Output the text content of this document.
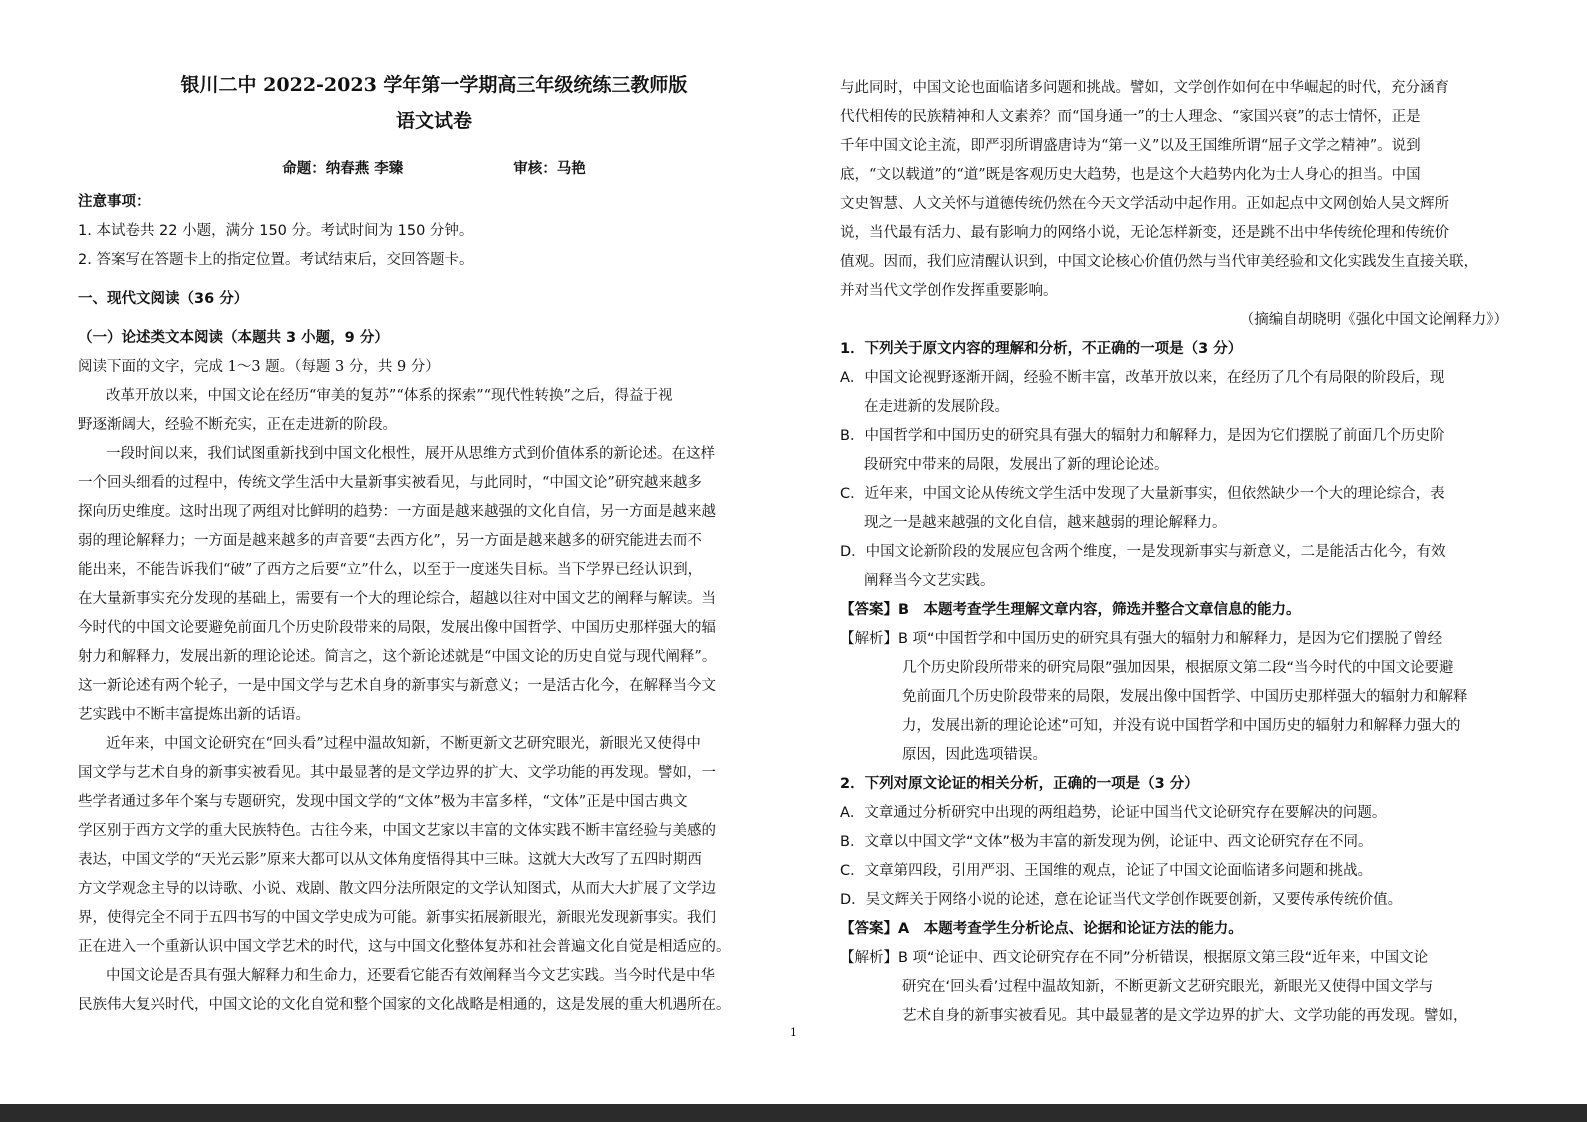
银川二中 2022-2023 学年第一学期高三年级统练三教师版

语文试卷

命题：纳春燕 李臻	审核：马艳
注意事项：
1. 本试卷共 22 小题，满分 150 分。考试时间为 150 分钟。
2. 答案写在答题卡上的指定位置。考试结束后，交回答题卡。
一、现代文阅读（36 分）
（一）论述类文本阅读（本题共 3 小题，9 分）
阅读下面的文字，完成 1～3 题。（每题 3 分，共 9 分）
改革开放以来，中国文论在经历“审美的复苏”“体系的探索”“现代性转换”之后，得益于视
野逐渐阔大，经验不断充实，正在走进新的阶段。
一段时间以来，我们试图重新找到中国文化根性，展开从思维方式到价值体系的新论述。在这样
一个回头细看的过程中，传统文学生活中大量新事实被看见，与此同时，“中国文论”研究越来越多
探向历史维度。这时出现了两组对比鲜明的趋势：一方面是越来越强的文化自信，另一方面是越来越
弱的理论解释力；一方面是越来越多的声音要“去西方化”，另一方面是越来越多的研究能进去而不
能出来，不能告诉我们“破”了西方之后要“立”什么，以至于一度迷失目标。当下学界已经认识到，
在大量新事实充分发现的基础上，需要有一个大的理论综合，超越以往对中国文艺的阐释与解读。当
今时代的中国文论要避免前面几个历史阶段带来的局限，发展出像中国哲学、中国历史那样强大的辐
射力和解释力，发展出新的理论论述。简言之，这个新论述就是“中国文论的历史自觉与现代阐释”。
这一新论述有两个轮子，一是中国文学与艺术自身的新事实与新意义；一是活古化今，在解释当今文
艺实践中不断丰富提炼出新的话语。
近年来，中国文论研究在“回头看”过程中温故知新，不断更新文艺研究眼光，新眼光又使得中
国文学与艺术自身的新事实被看见。其中最显著的是文学边界的扩大、文学功能的再发现。譬如，一
些学者通过多年个案与专题研究，发现中国文学的“文体”极为丰富多样，“文体”正是中国古典文
学区别于西方文学的重大民族特色。古往今来，中国文艺家以丰富的文体实践不断丰富经验与美感的
表达，中国文学的“天光云影”原来大都可以从文体角度悟得其中三昧。这就大大改写了五四时期西
方文学观念主导的以诗歌、小说、戏剧、散文四分法所限定的文学认知图式，从而大大扩展了文学边
界，使得完全不同于五四书写的中国文学史成为可能。新事实拓展新眼光，新眼光发现新事实。我们
正在进入一个重新认识中国文学艺术的时代，这与中国文化整体复苏和社会普遍文化自觉是相适应的。
中国文论是否具有强大解释力和生命力，还要看它能否有效阐释当今文艺实践。当今时代是中华
民族伟大复兴时代，中国文论的文化自觉和整个国家的文化战略是相通的，这是发展的重大机遇所在。
与此同时，中国文论也面临诸多问题和挑战。譬如，文学创作如何在中华崛起的时代，充分涵育
代代相传的民族精神和人文素养？而“国身通一”的士人理念、“家国兴衰”的志士情怀，正是
千年中国文论主流，即严羽所谓盛唐诗为“第一义”以及王国维所谓“屈子文学之精神”。说到
底，“文以载道”的“道”既是客观历史大趋势，也是这个大趋势内化为士人身心的担当。中国
文史智慧、人文关怀与道德传统仍然在今天文学活动中起作用。正如起点中文网创始人吴文辉所
说，当代最有活力、最有影响力的网络小说，无论怎样新变，还是跳不出中华传统伦理和传统价
值观。因而，我们应清醒认识到，中国文论核心价值仍然与当代审美经验和文化实践发生直接关联，
并对当代文学创作发挥重要影响。
（摘编自胡晓明《强化中国文论阐释力》）
1．下列关于原文内容的理解和分析，不正确的一项是（3 分）
A．中国文论视野逐渐开阔，经验不断丰富，改革开放以来，在经历了几个有局限的阶段后，现
在走进新的发展阶段。
B．中国哲学和中国历史的研究具有强大的辐射力和解释力，是因为它们摆脱了前面几个历史阶
段研究中带来的局限，发展出了新的理论论述。
C．近年来，中国文论从传统文学生活中发现了大量新事实，但依然缺少一个大的理论综合，表
现之一是越来越强的文化自信，越来越弱的理论解释力。
D．中国文论新阶段的发展应包含两个维度，一是发现新事实与新意义，二是能活古化今，有效
阐释当今文艺实践。
【答案】B　本题考查学生理解文章内容，筛选并整合文章信息的能力。
【解析】B 项“中国哲学和中国历史的研究具有强大的辐射力和解释力，是因为它们摆脱了曾经
几个历史阶段所带来的研究局限”强加因果，根据原文第二段“当今时代的中国文论要避
免前面几个历史阶段带来的局限，发展出像中国哲学、中国历史那样强大的辐射力和解释
力，发展出新的理论论述”可知，并没有说中国哲学和中国历史的辐射力和解释力强大的
原因，因此选项错误。
2．下列对原文论证的相关分析，正确的一项是（3 分）
A．文章通过分析研究中出现的两组趋势，论证中国当代文论研究存在要解决的问题。
B．文章以中国文学“文体”极为丰富的新发现为例，论证中、西文论研究存在不同。
C．文章第四段，引用严羽、王国维的观点，论证了中国文论面临诸多问题和挑战。
D．吴文辉关于网络小说的论述，意在论证当代文学创作既要创新，又要传承传统价值。
【答案】A　本题考查学生分析论点、论据和论证方法的能力。
【解析】B 项“论证中、西文论研究存在不同”分析错误，根据原文第三段“近年来，中国文论
研究在‘回头看’过程中温故知新，不断更新文艺研究眼光，新眼光又使得中国文学与
艺术自身的新事实被看见。其中最显著的是文学边界的扩大、文学功能的再发现。譬如，
1
